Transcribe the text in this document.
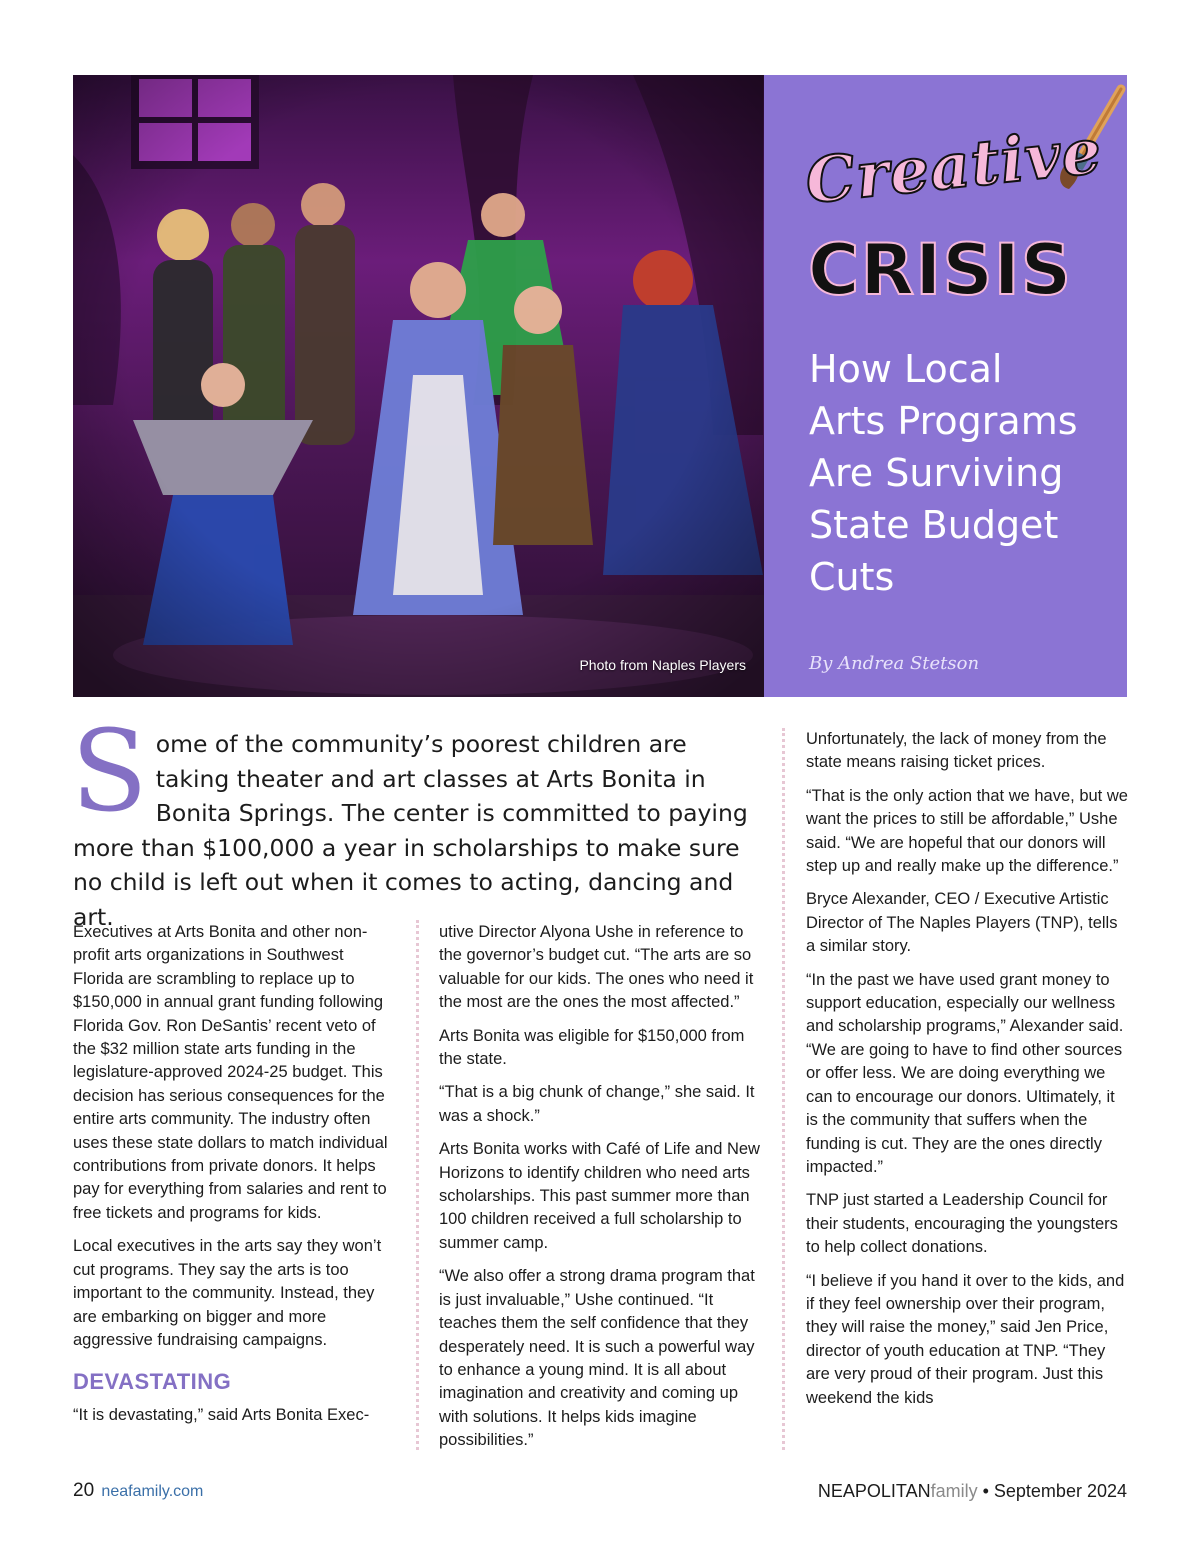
Photo from Naples Players
Creative
CRISIS
How Local
Arts Programs
Are Surviving
State Budget
Cuts
By Andrea Stetson
Some of the community’s poorest children are taking theater and art classes at Arts Bonita in Bonita Springs. The center is committed to paying more than $100,000 a year in scholarships to make sure no child is left out when it comes to acting, dancing and art.

Executives at Arts Bonita and other non-profit arts organizations in Southwest Florida are scrambling to replace up to $150,000 in annual grant funding following Florida Gov. Ron DeSantis’ recent veto of the $32 million state arts funding in the legislature-approved 2024-25 budget. This decision has serious consequences for the entire arts community. The industry often uses these state dollars to match individual contributions from private donors. It helps pay for everything from salaries and rent to free tickets and programs for kids.

Local executives in the arts say they won’t cut programs. They say the arts is too important to the community. Instead, they are embarking on bigger and more aggressive fundraising campaigns.

DEVASTATING

“It is devastating,” said Arts Bonita Exec-

utive Director Alyona Ushe in reference to the governor’s budget cut. “The arts are so valuable for our kids. The ones who need it the most are the ones the most affected.”

Arts Bonita was eligible for $150,000 from the state.

“That is a big chunk of change,” she said. It was a shock.”

Arts Bonita works with Café of Life and New Horizons to identify children who need arts scholarships. This past summer more than 100 children received a full scholarship to summer camp.

“We also offer a strong drama program that is just invaluable,” Ushe continued. “It teaches them the self confidence that they desperately need. It is such a powerful way to enhance a young mind. It is all about imagination and creativity and coming up with solutions. It helps kids imagine possibilities.”

Unfortunately, the lack of money from the state means raising ticket prices.

“That is the only action that we have, but we want the prices to still be affordable,” Ushe said. “We are hopeful that our donors will step up and really make up the difference.”

Bryce Alexander, CEO / Executive Artistic Director of The Naples Players (TNP), tells a similar story.

“In the past we have used grant money to support education, especially our wellness and scholarship programs,” Alexander said. “We are going to have to find other sources or offer less. We are doing everything we can to encourage our donors. Ultimately, it is the community that suffers when the funding is cut. They are the ones directly impacted.”

TNP just started a Leadership Council for their students, encouraging the youngsters to help collect donations.

“I believe if you hand it over to the kids, and if they feel ownership over their program, they will raise the money,” said Jen Price, director of youth education at TNP. “They are very proud of their program. Just this weekend the kids

20 neafamily.com	NEAPOLITANfamily • September 2024
